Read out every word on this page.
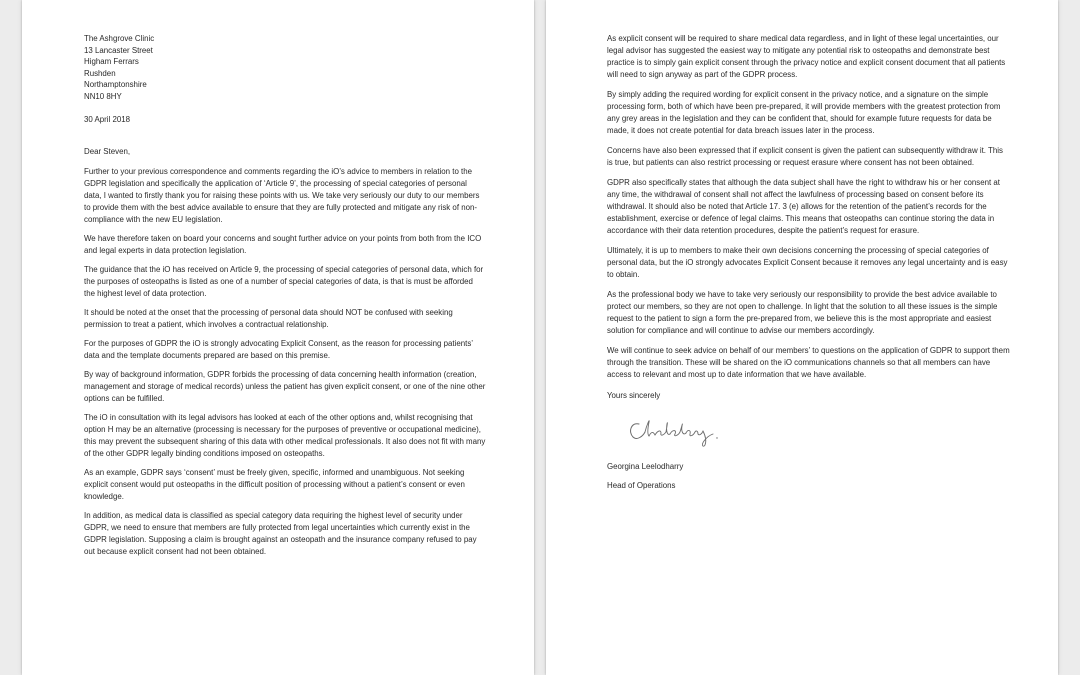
The Ashgrove Clinic
13 Lancaster Street
Higham Ferrars
Rushden
Northamptonshire
NN10 8HY
30 April 2018
Dear Steven,

Further to your previous correspondence and comments regarding the iO’s advice to members in relation to the GDPR legislation and specifically the application of ‘Article 9’, the processing of special categories of personal data, I wanted to firstly thank you for raising these points with us. We take very seriously our duty to our members to provide them with the best advice available to ensure that they are fully protected and mitigate any risk of non-compliance with the new EU legislation.

We have therefore taken on board your concerns and sought further advice on your points from both from the ICO and legal experts in data protection legislation.

The guidance that the iO has received on Article 9, the processing of special categories of personal data, which for the purposes of osteopaths is listed as one of a number of special categories of data, is that is must be afforded the highest level of data protection.

It should be noted at the onset that the processing of personal data should NOT be confused with seeking permission to treat a patient, which involves a contractual relationship.

For the purposes of GDPR the iO is strongly advocating Explicit Consent, as the reason for processing patients’ data and the template documents prepared are based on this premise.

By way of background information, GDPR forbids the processing of data concerning health information (creation, management and storage of medical records) unless the patient has given explicit consent, or one of the nine other options can be fulfilled.

The iO in consultation with its legal advisors has looked at each of the other options and, whilst recognising that option H may be an alternative (processing is necessary for the purposes of preventive or occupational medicine), this may prevent the subsequent sharing of this data with other medical professionals. It also does not fit with many of the other GDPR legally binding conditions imposed on osteopaths.

As an example, GDPR says ‘consent’ must be freely given, specific, informed and unambiguous. Not seeking explicit consent would put osteopaths in the difficult position of processing without a patient’s consent or even knowledge.

In addition, as medical data is classified as special category data requiring the highest level of security under GDPR, we need to ensure that members are fully protected from legal uncertainties which currently exist in the GDPR legislation. Supposing a claim is brought against an osteopath and the insurance company refused to pay out because explicit consent had not been obtained.

As explicit consent will be required to share medical data regardless, and in light of these legal uncertainties, our legal advisor has suggested the easiest way to mitigate any potential risk to osteopaths and demonstrate best practice is to simply gain explicit consent through the privacy notice and explicit consent document that all patients will need to sign anyway as part of the GDPR process.

By simply adding the required wording for explicit consent in the privacy notice, and a signature on the simple processing form, both of which have been pre-prepared, it will provide members with the greatest protection from any grey areas in the legislation and they can be confident that, should for example future requests for data be made, it does not create potential for data breach issues later in the process.

Concerns have also been expressed that if explicit consent is given the patient can subsequently withdraw it. This is true, but patients can also restrict processing or request erasure where consent has not been obtained.

GDPR also specifically states that although the data subject shall have the right to withdraw his or her consent at any time, the withdrawal of consent shall not affect the lawfulness of processing based on consent before its withdrawal. It should also be noted that Article 17. 3 (e) allows for the retention of the patient’s records for the establishment, exercise or defence of legal claims. This means that osteopaths can continue storing the data in accordance with their data retention procedures, despite the patient’s request for erasure.

Ultimately, it is up to members to make their own decisions concerning the processing of special categories of personal data, but the iO strongly advocates Explicit Consent because it removes any legal uncertainty and is easy to obtain.

As the professional body we have to take very seriously our responsibility to provide the best advice available to protect our members, so they are not open to challenge. In light that the solution to all these issues is the simple request to the patient to sign a form the pre-prepared from, we believe this is the most appropriate and easiest solution for compliance and will continue to advise our members accordingly.

We will continue to seek advice on behalf of our members’ to questions on the application of GDPR to support them through the transition. These will be shared on the iO communications channels so that all members can have access to relevant and most up to date information that we have available.

Yours sincerely
Georgina Leelodharry
Head of Operations
